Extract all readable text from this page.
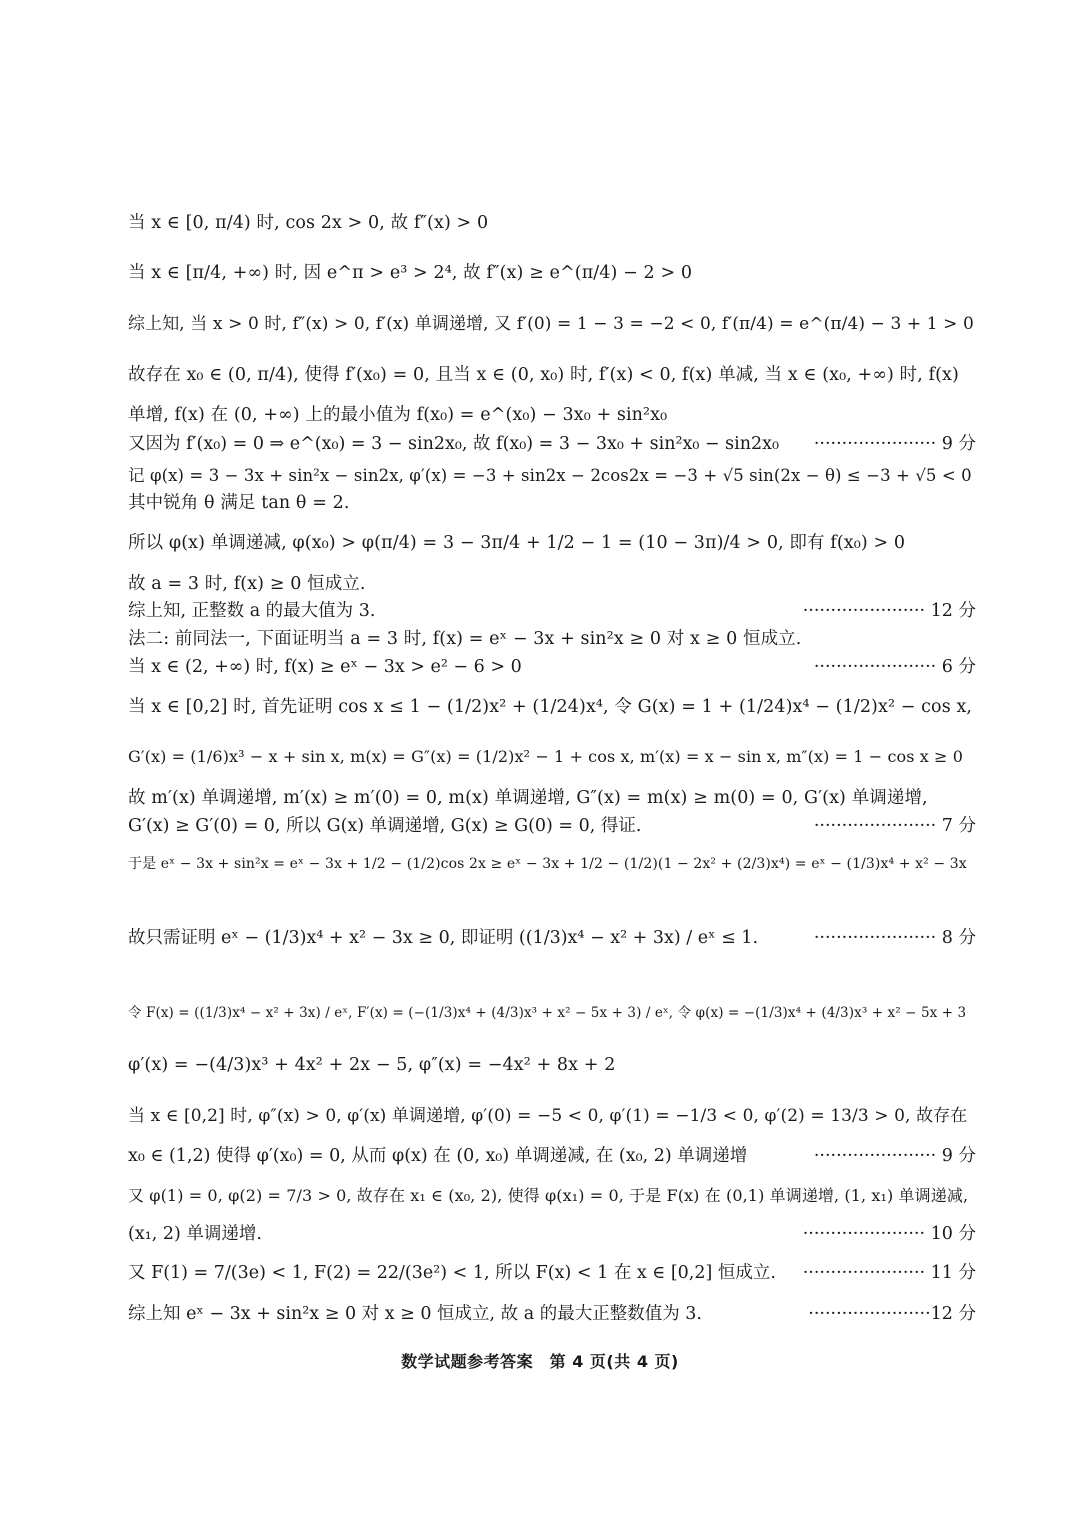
当 x ∈ [0, π/4) 时, cos 2x > 0, 故 f″(x) > 0
当 x ∈ [π/4, +∞) 时, 因 e^π > e³ > 2⁴, 故 f″(x) ≥ e^(π/4) − 2 > 0
综上知, 当 x > 0 时, f″(x) > 0, f′(x) 单调递增, 又 f′(0) = 1 − 3 = −2 < 0, f′(π/4) = e^(π/4) − 3 + 1 > 0
故存在 x₀ ∈ (0, π/4), 使得 f′(x₀) = 0, 且当 x ∈ (0, x₀) 时, f′(x) < 0, f(x) 单减, 当 x ∈ (x₀, +∞) 时, f(x)
单增, f(x) 在 (0, +∞) 上的最小值为 f(x₀) = e^(x₀) − 3x₀ + sin²x₀
又因为 f′(x₀) = 0 ⇒ e^(x₀) = 3 − sin2x₀, 故 f(x₀) = 3 − 3x₀ + sin²x₀ − sin2x₀ ······················ 9 分
记 φ(x) = 3 − 3x + sin²x − sin2x, φ′(x) = −3 + sin2x − 2cos2x = −3 + √5 sin(2x − θ) ≤ −3 + √5 < 0
其中锐角 θ 满足 tan θ = 2.
所以 φ(x) 单调递减, φ(x₀) > φ(π/4) = 3 − 3π/4 + 1/2 − 1 = (10 − 3π)/4 > 0, 即有 f(x₀) > 0
故 a = 3 时, f(x) ≥ 0 恒成立.
综上知, 正整数 a 的最大值为 3.	······················ 12 分
法二: 前同法一, 下面证明当 a = 3 时, f(x) = eˣ − 3x + sin²x ≥ 0 对 x ≥ 0 恒成立.
当 x ∈ (2, +∞) 时, f(x) ≥ eˣ − 3x > e² − 6 > 0	······················ 6 分
当 x ∈ [0,2] 时, 首先证明 cos x ≤ 1 − (1/2)x² + (1/24)x⁴, 令 G(x) = 1 + (1/24)x⁴ − (1/2)x² − cos x,
G′(x) = (1/6)x³ − x + sin x, m(x) = G″(x) = (1/2)x² − 1 + cos x, m′(x) = x − sin x, m″(x) = 1 − cos x ≥ 0
故 m′(x) 单调递增, m′(x) ≥ m′(0) = 0, m(x) 单调递增, G″(x) = m(x) ≥ m(0) = 0, G′(x) 单调递增,
G′(x) ≥ G′(0) = 0, 所以 G(x) 单调递增, G(x) ≥ G(0) = 0, 得证.	······················ 7 分
于是 eˣ − 3x + sin²x = eˣ − 3x + 1/2 − (1/2)cos 2x ≥ eˣ − 3x + 1/2 − (1/2)(1 − 2x² + (2/3)x⁴) = eˣ − (1/3)x⁴ + x² − 3x
故只需证明 eˣ − (1/3)x⁴ + x² − 3x ≥ 0, 即证明 ((1/3)x⁴ − x² + 3x) / eˣ ≤ 1.	······················ 8 分
令 F(x) = ((1/3)x⁴ − x² + 3x) / eˣ, F′(x) = (−(1/3)x⁴ + (4/3)x³ + x² − 5x + 3) / eˣ, 令 φ(x) = −(1/3)x⁴ + (4/3)x³ + x² − 5x + 3
φ′(x) = −(4/3)x³ + 4x² + 2x − 5, φ″(x) = −4x² + 8x + 2
当 x ∈ [0,2] 时, φ″(x) > 0, φ′(x) 单调递增, φ′(0) = −5 < 0, φ′(1) = −1/3 < 0, φ′(2) = 13/3 > 0, 故存在
x₀ ∈ (1,2) 使得 φ′(x₀) = 0, 从而 φ(x) 在 (0, x₀) 单调递减, 在 (x₀, 2) 单调递增	······················ 9 分
又 φ(1) = 0, φ(2) = 7/3 > 0, 故存在 x₁ ∈ (x₀, 2), 使得 φ(x₁) = 0, 于是 F(x) 在 (0,1) 单调递增, (1, x₁) 单调递减,
(x₁, 2) 单调递增.	······················ 10 分
又 F(1) = 7/(3e) < 1, F(2) = 22/(3e²) < 1, 所以 F(x) < 1 在 x ∈ [0,2] 恒成立. ······················ 11 分
综上知 eˣ − 3x + sin²x ≥ 0 对 x ≥ 0 恒成立, 故 a 的最大正整数值为 3.	······················12 分
数学试题参考答案　第 4 页(共 4 页)
